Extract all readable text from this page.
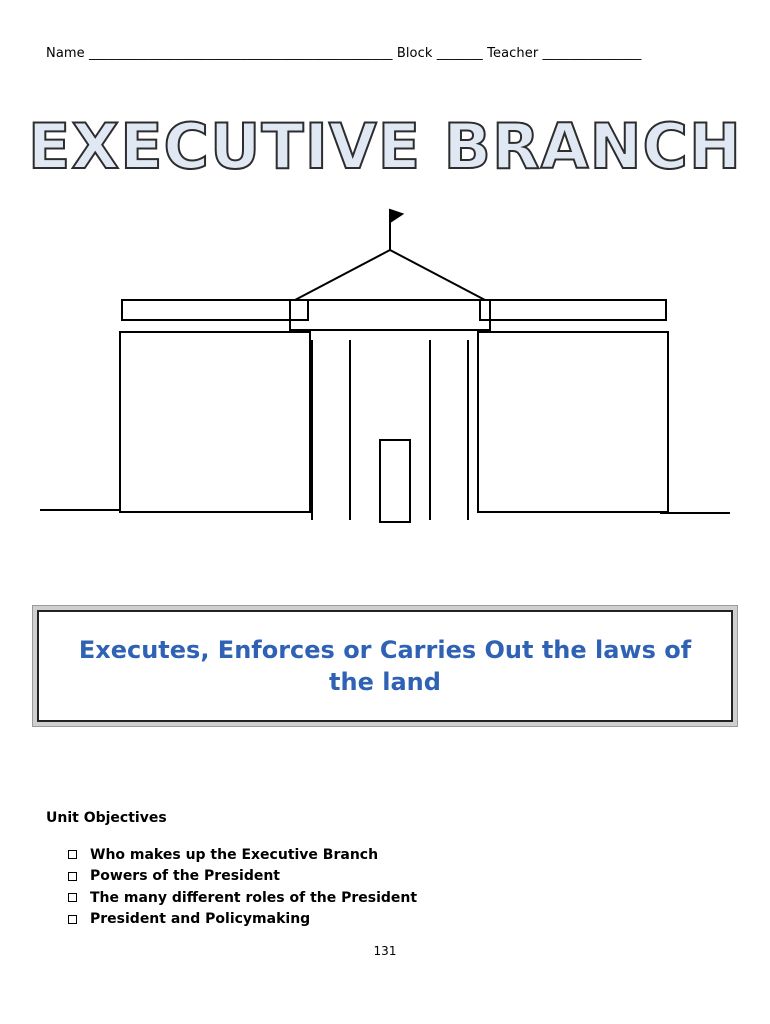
Name ______________________________________________ Block _______ Teacher _______________
EXECUTIVE BRANCH
Executes, Enforces or Carries Out the laws of the land
Unit Objectives
Who makes up the Executive Branch
Powers of the President
The many different roles of the President
President and Policymaking
131
